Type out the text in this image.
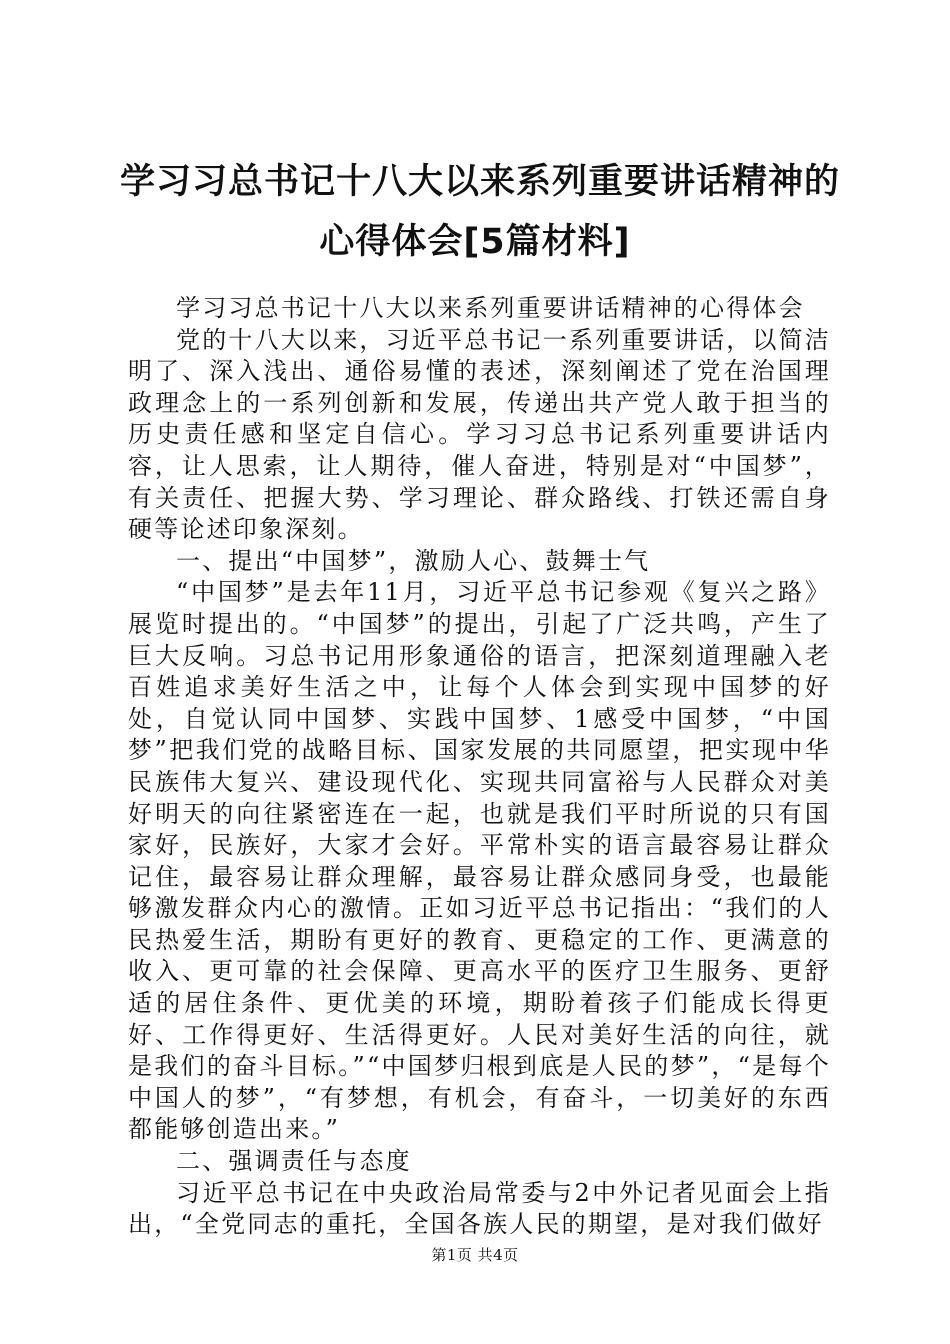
学习习总书记十八大以来系列重要讲话精神的
心得体会[5篇材料]

学习习总书记十八大以来系列重要讲话精神的心得体会

党的十八大以来，习近平总书记一系列重要讲话，以简洁明了、深入浅出、通俗易懂的表述，深刻阐述了党在治国理政理念上的一系列创新和发展，传递出共产党人敢于担当的历史责任感和坚定自信心。学习习总书记系列重要讲话内容，让人思索，让人期待，催人奋进，特别是对“中国梦”，有关责任、把握大势、学习理论、群众路线、打铁还需自身硬等论述印象深刻。

一、提出“中国梦”，激励人心、鼓舞士气

“中国梦”是去年11月，习近平总书记参观《复兴之路》展览时提出的。“中国梦”的提出，引起了广泛共鸣，产生了巨大反响。习总书记用形象通俗的语言，把深刻道理融入老百姓追求美好生活之中，让每个人体会到实现中国梦的好处，自觉认同中国梦、实践中国梦、1感受中国梦，“中国梦”把我们党的战略目标、国家发展的共同愿望，把实现中华民族伟大复兴、建设现代化、实现共同富裕与人民群众对美好明天的向往紧密连在一起，也就是我们平时所说的只有国家好，民族好，大家才会好。平常朴实的语言最容易让群众记住，最容易让群众理解，最容易让群众感同身受，也最能够激发群众内心的激情。正如习近平总书记指出：“我们的人民热爱生活，期盼有更好的教育、更稳定的工作、更满意的收入、更可靠的社会保障、更高水平的医疗卫生服务、更舒适的居住条件、更优美的环境，期盼着孩子们能成长得更好、工作得更好、生活得更好。人民对美好生活的向往，就是我们的奋斗目标。”“中国梦归根到底是人民的梦”，“是每个中国人的梦”，“有梦想，有机会，有奋斗，一切美好的东西都能够创造出来。”

二、强调责任与态度

习近平总书记在中央政治局常委与2中外记者见面会上指出，“全党同志的重托，全国各族人民的期望，是对我们做好

第1页 共4页
